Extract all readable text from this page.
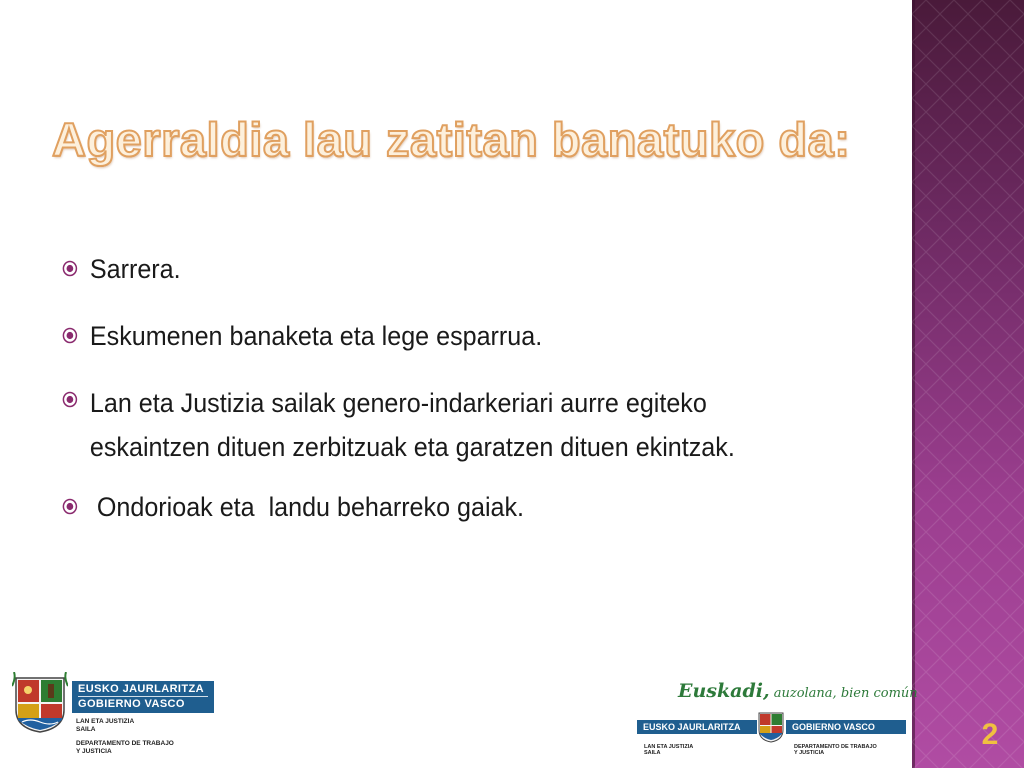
Agerraldia lau zatitan banatuko da:
Sarrera.
Eskumenen banaketa eta lege esparrua.
Lan eta Justizia sailak genero-indarkeriari aurre egiteko eskaintzen dituen zerbitzuak eta garatzen dituen ekintzak.
Ondorioak eta  landu beharreko gaiak.
EUSKO JAURLARITZA
GOBIERNO VASCO
LAN ETA JUSTIZIA
SAILA
DEPARTAMENTO DE TRABAJO
Y JUSTICIA
Euskadi, auzolana, bien común
EUSKO JAURLARITZA	GOBIERNO VASCO
LAN ETA JUSTIZIA
SAILA
DEPARTAMENTO DE TRABAJO
Y JUSTICIA
2
